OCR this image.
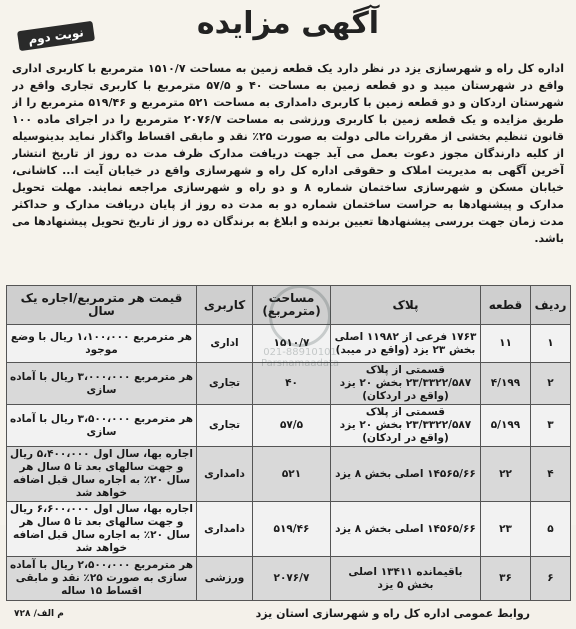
نوبت دوم	آگهی مزایده
اداره کل راه و شهرسازی یزد در نظر دارد یک قطعه زمین به مساحت ۱۵۱۰/۷ مترمربع با کاربری اداری واقع در شهرستان میبد و دو قطعه زمین به مساحت ۴۰ و ۵۷/۵ مترمربع با کاربری تجاری واقع در شهرستان اردکان و دو قطعه زمین با کاربری دامداری به مساحت ۵۲۱ مترمربع و ۵۱۹/۴۶ مترمربع را از طریق مزایده و یک قطعه زمین با کاربری ورزشی به مساحت ۲۰۷۶/۷ مترمربع را در اجرای ماده ۱۰۰ قانون تنظیم بخشی از مقررات مالی دولت به صورت ۲۵٪ نقد و مابقی اقساط واگذار نماید بدینوسیله از کلیه دارندگان مجوز دعوت بعمل می آید جهت دریافت مدارک ظرف مدت ده روز از تاریخ انتشار آخرین آگهی به مدیریت املاک و حقوقی اداره کل راه و شهرسازی واقع در خیابان آیت ا... کاشانی، خیابان مسکن و شهرسازی ساختمان شماره ۸ و دو راه و شهرسازی مراجعه نمایند. مهلت تحویل مدارک و پیشنهادها به حراست ساختمان شماره دو به مدت ده روز از پایان دریافت مدارک و حداکثر مدت زمان جهت بررسی پیشنهادها تعیین برنده و ابلاغ به برندگان ده روز از تاریخ تحویل پیشنهادها می باشد.
ردیف	قطعه	پلاک	مساحت (مترمربع)	کاربری	قیمت هر مترمربع/اجاره یک سال
۱	۱۱	۱۷۶۳ فرعی از ۱۱۹۸۲ اصلی بخش ۲۳ یزد (واقع در میبد)	۱۵۱۰/۷	اداری	هر مترمربع ۱،۱۰۰،۰۰۰ ریال با وضع موجود
۲	۴/۱۹۹	قسمتی از پلاک ۲۳/۳۳۲۲/۵۸۷ بخش ۲۰ یزد (واقع در اردکان)	۴۰	تجاری	هر مترمربع ۳،۰۰۰،۰۰۰ ریال با آماده سازی
۳	۵/۱۹۹	قسمتی از پلاک ۲۳/۳۳۲۲/۵۸۷ بخش ۲۰ یزد (واقع در اردکان)	۵۷/۵	تجاری	هر مترمربع ۳،۵۰۰،۰۰۰ ریال با آماده سازی
۴	۲۲	۱۴۵۶۵/۶۶ اصلی بخش ۸ یزد	۵۲۱	دامداری	اجاره بها، سال اول ۵،۴۰۰،۰۰۰ ریال و جهت سالهای بعد تا ۵ سال هر سال ۲۰٪ به اجاره سال قبل اضافه خواهد شد
۵	۲۳	۱۴۵۶۵/۶۶ اصلی بخش ۸ یزد	۵۱۹/۴۶	دامداری	اجاره بها، سال اول ۶،۶۰۰،۰۰۰ ریال و جهت سالهای بعد تا ۵ سال هر سال ۲۰٪ به اجاره سال قبل اضافه خواهد شد
۶	۳۶	باقیمانده ۱۳۴۱۱ اصلی بخش ۵ یزد	۲۰۷۶/۷	ورزشی	هر مترمربع ۲،۵۰۰،۰۰۰ ریال با آماده سازی به صورت ۲۵٪ نقد و مابقی اقساط ۱۵ ساله
روابط عمومی اداره کل راه و شهرسازی استان یزد
م الف/ ۷۲۸
021-88910101
Parsnamaadata
